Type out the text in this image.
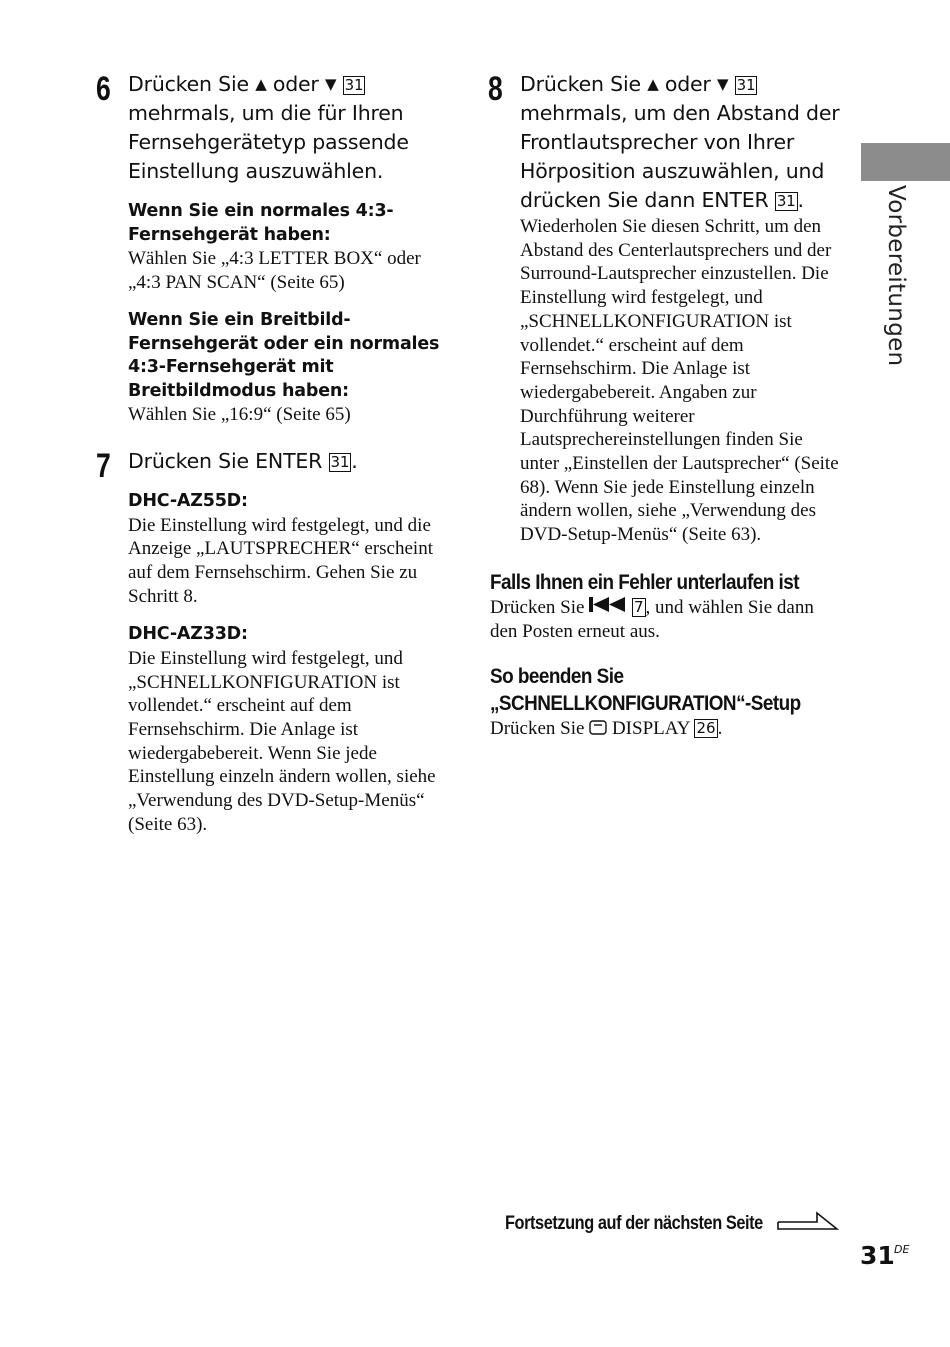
Vorbereitungen
6 Drücken Sie ▲ oder ▼ 31 mehrmals, um die für Ihren Fernsehgerätetyp passende Einstellung auszuwählen.
Wenn Sie ein normales 4:3-Fernsehgerät haben:
Wählen Sie „4:3 LETTER BOX“ oder „4:3 PAN SCAN“ (Seite 65)
Wenn Sie ein Breitbild-Fernsehgerät oder ein normales 4:3-Fernsehgerät mit Breitbildmodus haben:
Wählen Sie „16:9“ (Seite 65)
7 Drücken Sie ENTER 31.
DHC-AZ55D:
Die Einstellung wird festgelegt, und die Anzeige „LAUTSPRECHER“ erscheint auf dem Fernsehschirm. Gehen Sie zu Schritt 8.
DHC-AZ33D:
Die Einstellung wird festgelegt, und „SCHNELLKONFIGURATION ist vollendet.“ erscheint auf dem Fernsehschirm. Die Anlage ist wiedergabebereit. Wenn Sie jede Einstellung einzeln ändern wollen, siehe „Verwendung des DVD-Setup-Menüs“ (Seite 63).
8 Drücken Sie ▲ oder ▼ 31 mehrmals, um den Abstand der Frontlautsprecher von Ihrer Hörposition auszuwählen, und drücken Sie dann ENTER 31.
Wiederholen Sie diesen Schritt, um den Abstand des Centerlautsprechers und der Surround-Lautsprecher einzustellen. Die Einstellung wird festgelegt, und „SCHNELLKONFIGURATION ist vollendet.“ erscheint auf dem Fernsehschirm. Die Anlage ist wiedergabebereit. Angaben zur Durchführung weiterer Lautsprechereinstellungen finden Sie unter „Einstellen der Lautsprecher“ (Seite 68). Wenn Sie jede Einstellung einzeln ändern wollen, siehe „Verwendung des DVD-Setup-Menüs“ (Seite 63).
Falls Ihnen ein Fehler unterlaufen ist
Drücken Sie	7 , und wählen Sie dann den Posten erneut aus.
So beenden Sie
„SCHNELLKONFIGURATION“-Setup
Drücken Sie  DISPLAY 26 .
Fortsetzung auf der nächsten Seite
31 DE
